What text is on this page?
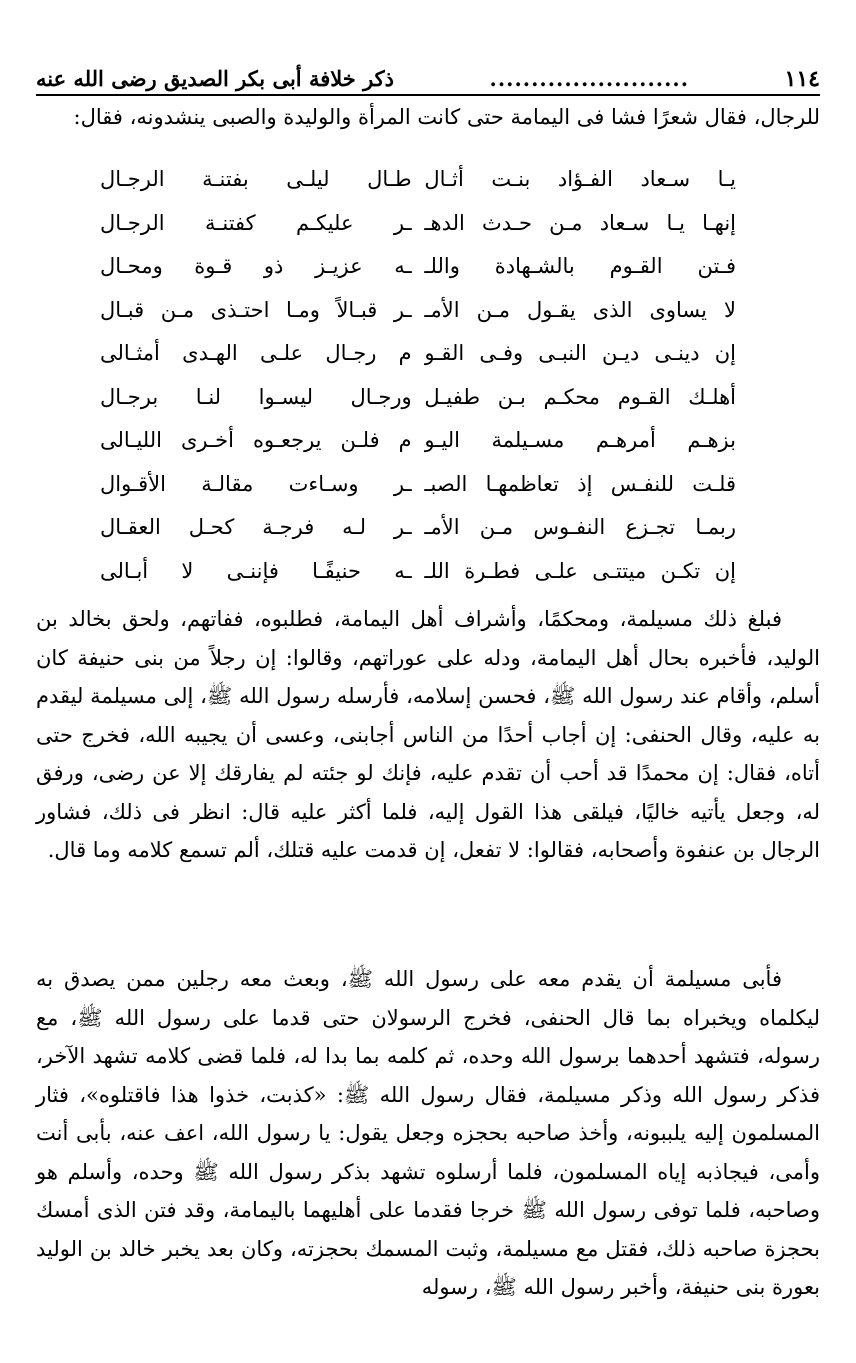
١١٤
........................
ذكر خلافة أبى بكر الصديق رضى الله عنه
للرجال، فقال شعرًا فشا فى اليمامة حتى كانت المرأة والوليدة والصبى ينشدونه، فقال:
يـا سـعاد الفـؤاد بنـت أثـال
طـال ليلـى بفتنـة الرجـال
إنهـا يـا سـعاد مـن حـدث الدهـ
ـر عليكـم كفتنـة الرجـال
فـتن القـوم بالشـهادة واللـ
ـه عزيـز ذو قـوة ومحـال
لا يساوى الذى يقـول مـن الأمـ
ـر قبـالاً ومـا احتـذى مـن قبـال
إن دينـى ديـن النبـى وفـى القـو
م رجـال علـى الهـدى أمثـالى
أهلـك القـوم محكـم بـن طفيـل
ورجـال ليسـوا لنـا برجـال
بزهـم أمرهـم مسـيلمة اليـو
م فلـن يرجعـوه أخـرى الليـالى
قلـت للنفـس إذ تعاظمهـا الصبـ
ـر وسـاءت مقالـة الأقـوال
ربمـا تجـزع النفـوس مـن الأمـ
ـر لـه فرجـة كحـل العقـال
إن تكـن ميتتـى علـى فطـرة اللـ
ـه حنيفًـا فإننـى لا أبـالى
فبلغ ذلك مسيلمة، ومحكمًا، وأشراف أهل اليمامة، فطلبوه، ففاتهم، ولحق بخالد بن الوليد، فأخبره بحال أهل اليمامة، ودله على عوراتهم، وقالوا: إن رجلاً من بنى حنيفة كان أسلم، وأقام عند رسول الله ﷺ، فحسن إسلامه، فأرسله رسول الله ﷺ، إلى مسيلمة ليقدم به عليه، وقال الحنفى: إن أجاب أحدًا من الناس أجابنى، وعسى أن يجيبه الله، فخرج حتى أتاه، فقال: إن محمدًا قد أحب أن تقدم عليه، فإنك لو جئته لم يفارقك إلا عن رضى، ورفق له، وجعل يأتيه خاليًا، فيلقى هذا القول إليه، فلما أكثر عليه قال: انظر فى ذلك، فشاور الرجال بن عنفوة وأصحابه، فقالوا: لا تفعل، إن قدمت عليه قتلك، ألم تسمع كلامه وما قال.
فأبى مسيلمة أن يقدم معه على رسول الله ﷺ، وبعث معه رجلين ممن يصدق به ليكلماه ويخبراه بما قال الحنفى، فخرج الرسولان حتى قدما على رسول الله ﷺ، مع رسوله، فتشهد أحدهما برسول الله وحده، ثم كلمه بما بدا له، فلما قضى كلامه تشهد الآخر، فذكر رسول الله وذكر مسيلمة، فقال رسول الله ﷺ: «كذبت، خذوا هذا فاقتلوه»، فثار المسلمون إليه يلببونه، وأخذ صاحبه بحجزه وجعل يقول: يا رسول الله، اعف عنه، بأبى أنت وأمى، فيجاذبه إياه المسلمون، فلما أرسلوه تشهد بذكر رسول الله ﷺ وحده، وأسلم هو وصاحبه، فلما توفى رسول الله ﷺ خرجا فقدما على أهليهما باليمامة، وقد فتن الذى أمسك بحجزة صاحبه ذلك، فقتل مع مسيلمة، وثبت المسمك بحجزته، وكان بعد يخبر خالد بن الوليد بعورة بنى حنيفة، وأخبر رسول الله ﷺ، رسوله
